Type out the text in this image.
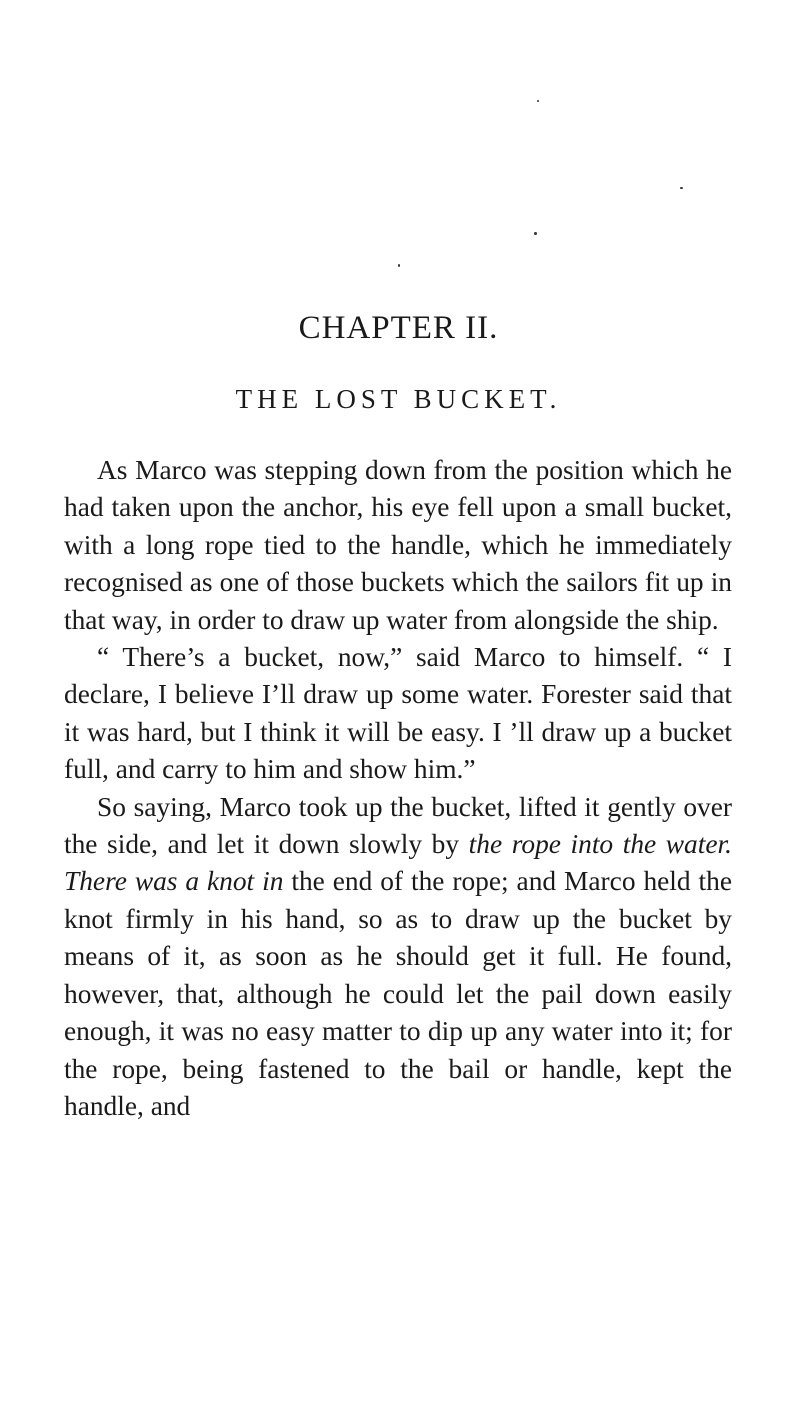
CHAPTER II.
THE LOST BUCKET.

As Marco was stepping down from the position which he had taken upon the anchor, his eye fell upon a small bucket, with a long rope tied to the handle, which he immediately recognised as one of those buckets which the sailors fit up in that way, in order to draw up water from alongside the ship.

“ There’s a bucket, now,” said Marco to himself. “ I declare, I believe I’ll draw up some water. Forester said that it was hard, but I think it will be easy. I ’ll draw up a bucket full, and carry to him and show him.”

So saying, Marco took up the bucket, lifted it gently over the side, and let it down slowly by the rope into the water. There was a knot in the end of the rope; and Marco held the knot firmly in his hand, so as to draw up the bucket by means of it, as soon as he should get it full. He found, however, that, although he could let the pail down easily enough, it was no easy matter to dip up any water into it; for the rope, being fastened to the bail or handle, kept the handle, and
